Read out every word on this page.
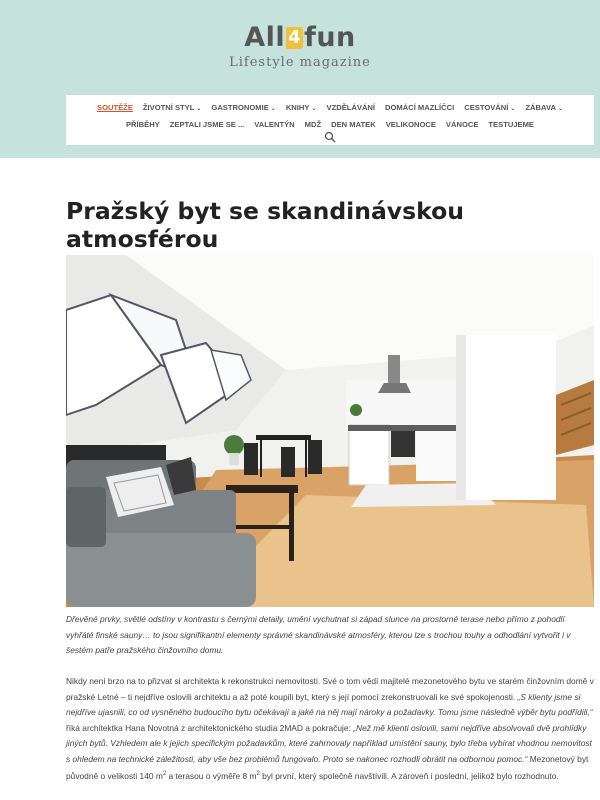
All 4 fun
Lifestyle magazine
SOUTĚŽE ŽIVOTNÍ STYL ⌄ GASTRONOMIE ⌄ KNIHY ⌄ VZDĚLÁVÁNÍ DOMÁCÍ MAZLÍČCI CESTOVÁNÍ ⌄ ZÁBAVA ⌄
PŘÍBĚHY ZEPTALI JSME SE ... VALENTÝN MDŽ DEN MATEK VELIKONOCE VÁNOCE TESTUJEME
Pražský byt se skandinávskou atmosférou

Dřevěné prvky, světlé odstíny v kontrastu s černými detaily, umění vychutnat si západ slunce na prostorné terase nebo přímo z pohodlí vyhřáté finské sauny… to jsou signifikantní elementy správné skandinávské atmosféry, kterou lze s trochou touhy a odhodlání vytvořit i v šestém patře pražského činžovního domu.

Nikdy není brzo na to přizvat si architekta k rekonstrukci nemovitosti. Své o tom vědí majitelé mezonetového bytu ve starém činžovním domě v pražské Letné – ti nejdříve oslovili architektu a až poté koupili byt, který s její pomocí zrekonstruovali ke své spokojenosti. „S klienty jsme si nejdříve ujasnili, co od vysněného budoucího bytu očekávají a jaké na něj mají nároky a požadavky. Tomu jsme následně výběr bytu podřídili,“ říká architektka Hana Novotná z architektonického studia 2MAD a pokračuje: „Než mě klienti oslovili, sami nejdříve absolvovali dvě prohlídky jiných bytů. Vzhledem ale k jejich specifickým požadavkům, které zahrnovaly například umístění sauny, bylo třeba vybírat vhodnou nemovitost s ohledem na technické záležitosti, aby vše bez problémů fungovalo. Proto se nakonec rozhodli obrátit na odbornou pomoc.“ Mezonetový byt původně o velikosti 140 $m^2$ a terasou o výměře 8 $m^2$ byl první, který společně navštívili. A zároveň i poslední, jelikož bylo rozhodnuto.
